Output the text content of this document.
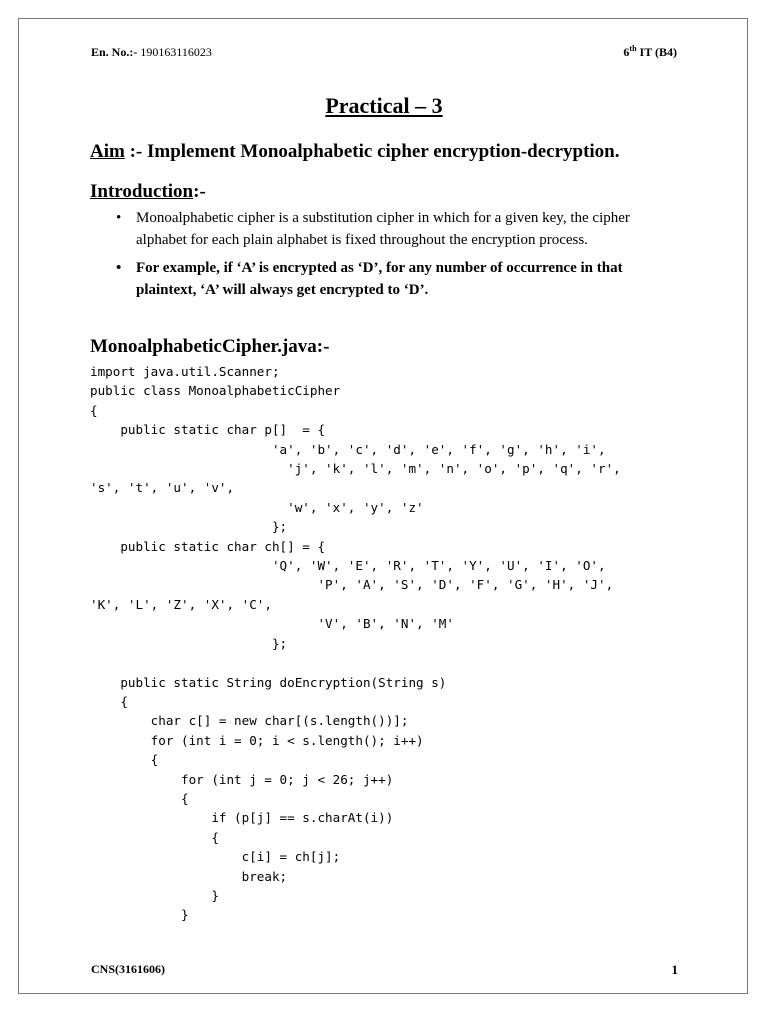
En. No.:- 190163116023	6th IT (B4)
Practical – 3
Aim :- Implement Monoalphabetic cipher encryption-decryption.
Introduction:-
• Monoalphabetic cipher is a substitution cipher in which for a given key, the cipher alphabet for each plain alphabet is fixed throughout the encryption process.
• For example, if ‘A’ is encrypted as ‘D’, for any number of occurrence in that plaintext, ‘A’ will always get encrypted to ‘D’.
MonoalphabeticCipher.java:-
import java.util.Scanner;
public class MonoalphabeticCipher
{
public static char p[]  = {
'a', 'b', 'c', 'd', 'e', 'f', 'g', 'h', 'i',
'j', 'k', 'l', 'm', 'n', 'o', 'p', 'q', 'r',
's', 't', 'u', 'v',
'w', 'x', 'y', 'z'
};
public static char ch[] = {
'Q', 'W', 'E', 'R', 'T', 'Y', 'U', 'I', 'O',
'P', 'A', 'S', 'D', 'F', 'G', 'H', 'J',
'K', 'L', 'Z', 'X', 'C',
'V', 'B', 'N', 'M'
};

public static String doEncryption(String s)
{
char c[] = new char[(s.length())];
for (int i = 0; i < s.length(); i++)
{
for (int j = 0; j < 26; j++)
{
if (p[j] == s.charAt(i))
{
c[i] = ch[j];
break;
}
}
CNS(3161606)	1
